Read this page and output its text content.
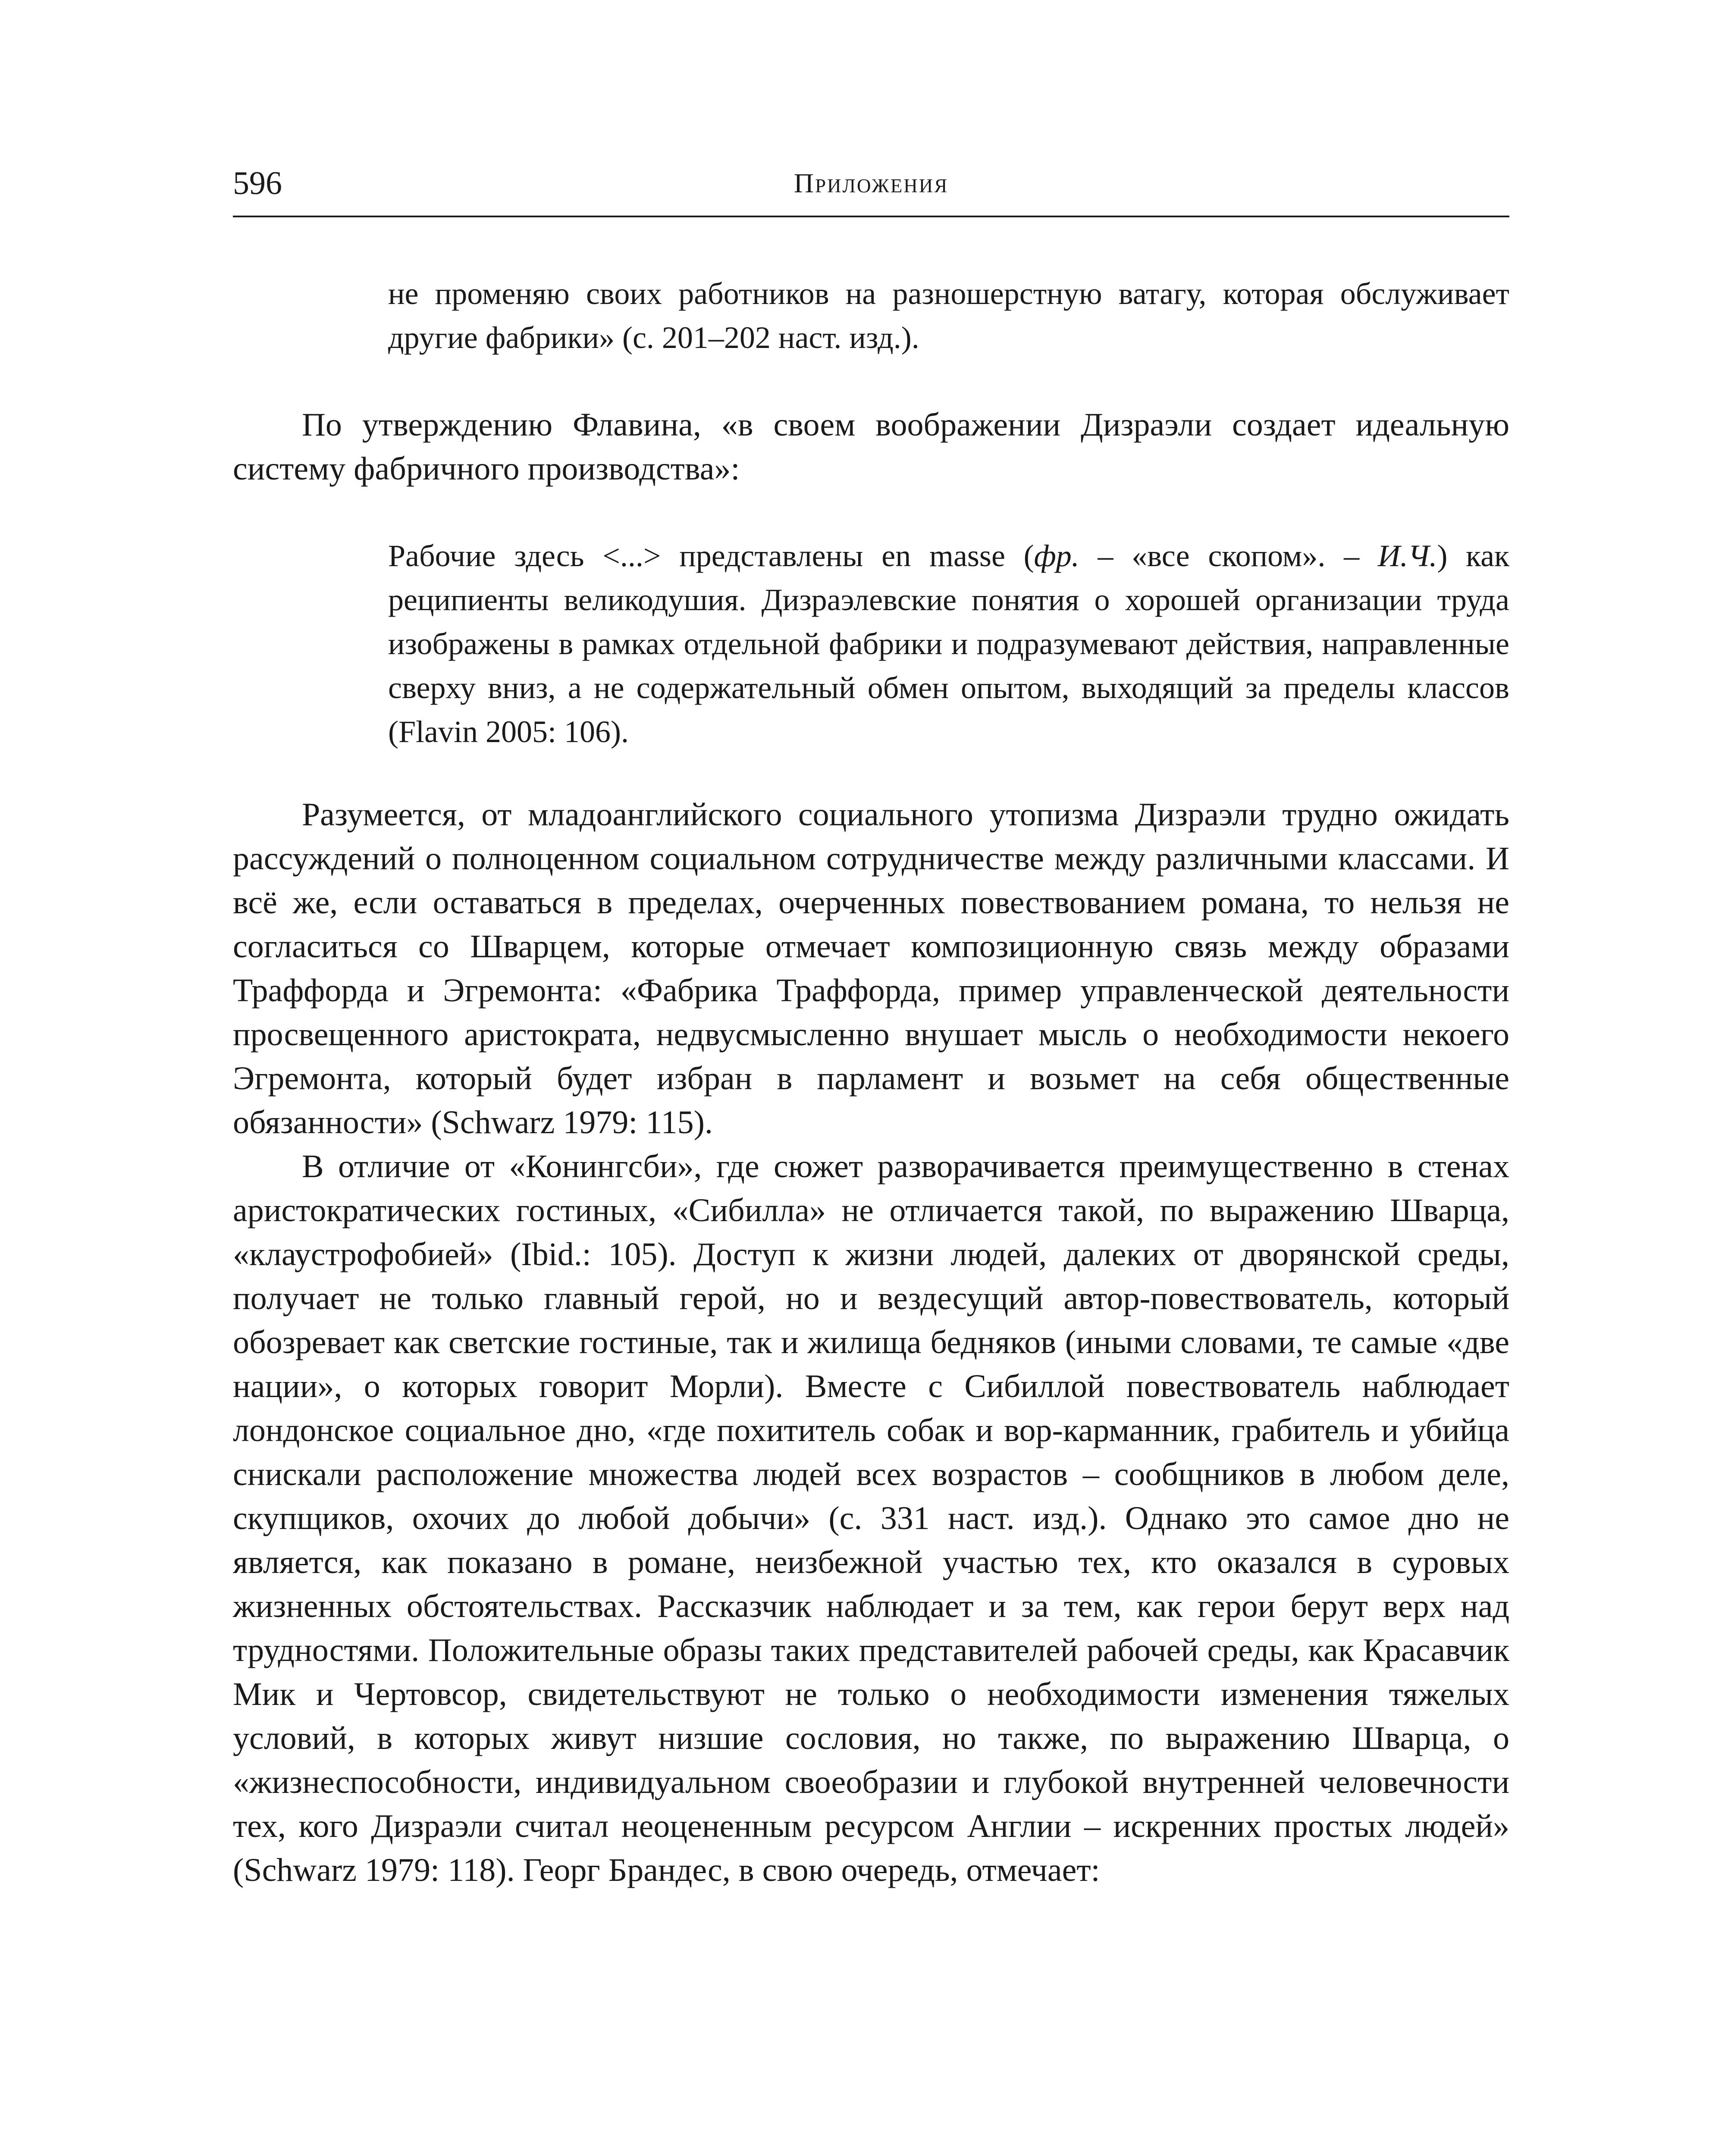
596	Приложения

не променяю своих работников на разношерстную ватагу, которая обслуживает другие фабрики» (с. 201–202 наст. изд.).

По утверждению Флавина, «в своем воображении Дизраэли создает идеальную систему фабричного производства»:

Рабочие здесь <...> представлены en masse (фр. – «все скопом». – И.Ч.) как реципиенты великодушия. Дизраэлевские понятия о хорошей организации труда изображены в рамках отдельной фабрики и подразумевают действия, направленные сверху вниз, а не содержательный обмен опытом, выходящий за пределы классов (Flavin 2005: 106).

Разумеется, от младоанглийского социального утопизма Дизраэли трудно ожидать рассуждений о полноценном социальном сотрудничестве между различными классами. И всё же, если оставаться в пределах, очерченных повествованием романа, то нельзя не согласиться со Шварцем, которые отмечает композиционную связь между образами Траффорда и Эгремонта: «Фабрика Траффорда, пример управленческой деятельности просвещенного аристократа, недвусмысленно внушает мысль о необходимости некоего Эгремонта, который будет избран в парламент и возьмет на себя общественные обязанности» (Schwarz 1979: 115).

В отличие от «Конингсби», где сюжет разворачивается преимущественно в стенах аристократических гостиных, «Сибилла» не отличается такой, по выражению Шварца, «клаустрофобией» (Ibid.: 105). Доступ к жизни людей, далеких от дворянской среды, получает не только главный герой, но и вездесущий автор-повествователь, который обозревает как светские гостиные, так и жилища бедняков (иными словами, те самые «две нации», о которых говорит Морли). Вместе с Сибиллой повествователь наблюдает лондонское социальное дно, «где похититель собак и вор-карманник, грабитель и убийца снискали расположение множества людей всех возрастов – сообщников в любом деле, скупщиков, охочих до любой добычи» (с. 331 наст. изд.). Однако это самое дно не является, как показано в романе, неизбежной участью тех, кто оказался в суровых жизненных обстоятельствах. Рассказчик наблюдает и за тем, как герои берут верх над трудностями. Положительные образы таких представителей рабочей среды, как Красавчик Мик и Чертовсор, свидетельствуют не только о необходимости изменения тяжелых условий, в которых живут низшие сословия, но также, по выражению Шварца, о «жизнеспособности, индивидуальном своеобразии и глубокой внутренней человечности тех, кого Дизраэли считал неоцененным ресурсом Англии – искренних простых людей» (Schwarz 1979: 118). Георг Брандес, в свою очередь, отмечает:
